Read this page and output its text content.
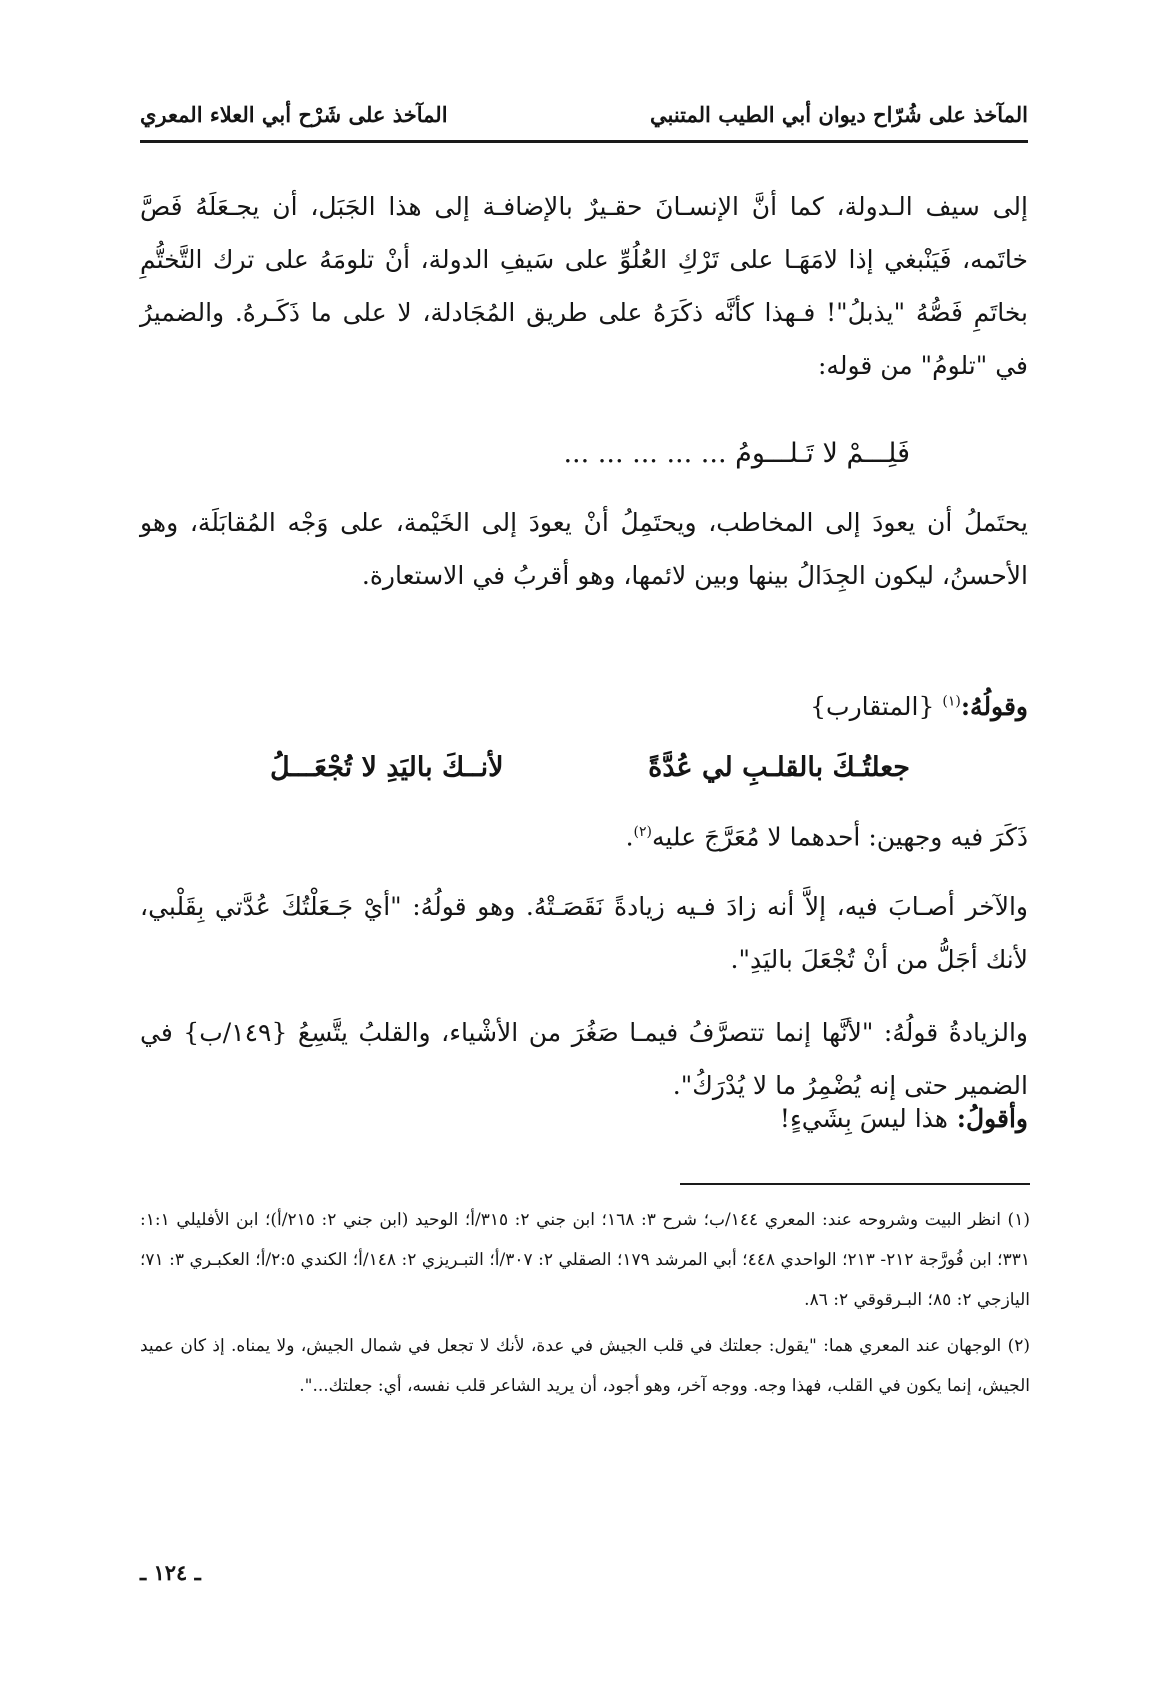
المآخذ على شُرّاح ديوان أبي الطيب المتنبي
المآخذ على شَرْح أبي العلاء المعري

إلى سيف الـدولة، كما أنَّ الإنسـانَ حقـيرٌ بالإضافـة إلى هذا الجَبَل، أن يجـعَلَهُ فَصَّ خاتَمه، فَيَنْبغي إذا لامَهَـا على تَرْكِ العُلُوِّ على سَيفِ الدولة، أنْ تلومَهُ على ترك التَّختُّمِ بخاتَمِ فَصُّهُ "يذبلُ"! فـهذا كأنَّه ذكَرَهُ على طريق المُجَادلة، لا على ما ذَكَـرهُ. والضميرُ في "تلومُ" من قوله:

فَلِـــمْ لا تَـلـــومُ ... ... ... ... ...

يحتَملُ أن يعودَ إلى المخاطب، ويحتَمِلُ أنْ يعودَ إلى الخَيْمة، على وَجْه المُقابَلَة، وهو الأحسنُ، ليكون الجِدَالُ بينها وبين لائمها، وهو أقربُ في الاستعارة.

وقولُهُ:$^{(١)}$ {المتقارب}
جعلتُـكَ بالقلـبِ لي عُدَّةً
لأنــكَ باليَدِ لا تُجْعَـــلُ

ذَكَرَ فيه وجهين: أحدهما لا مُعَرَّجَ عليه$^{(٢)}$.

والآخر أصـابَ فيه، إلاَّ أنه زادَ فـيه زيادةً نَقَصَـتْهُ. وهو قولُهُ: "أيْ جَـعَلْتُكَ عُدَّتي بِقَلْبي، لأنك أجَلُّ من أنْ تُجْعَلَ باليَدِ".

والزيادةُ قولُهُ: "لأنَّها إنما تتصرَّفُ فيمـا صَغُرَ من الأشْياء، والقلبُ يتَّسِعُ {١٤٩/ب} في الضمير حتى إنه يُضْمِرُ ما لا يُدْرَكُ".

وأقولُ: هذا ليسَ بِشَيءٍ!

(١) انظر البيت وشروحه عند: المعري ١٤٤/ب؛ شرح ٣: ١٦٨؛ ابن جني ٢: ٣١٥/أ؛ الوحيد (ابن جني ٢: ٢١٥/أ)؛ ابن الأفليلي ١:١: ٣٣١؛ ابن فُورَّجة ٢١٢- ٢١٣؛ الواحدي ٤٤٨؛ أبي المرشد ١٧٩؛ الصقلي ٢: ٣٠٧/أ؛ التبـريزي ٢: ١٤٨/أ؛ الكندي ٢:٥/أ؛ العكبـري ٣: ٧١؛ اليازجي ٢: ٨٥؛ البـرقوقي ٢: ٨٦.

(٢) الوجهان عند المعري هما: "يقول: جعلتك في قلب الجيش في عدة، لأنك لا تجعل في شمال الجيش، ولا يمناه. إذ كان عميد الجيش، إنما يكون في القلب، فهذا وجه. ووجه آخر، وهو أجود، أن يريد الشاعر قلب نفسه، أي: جعلتك...".

ـ ١٢٤ ـ
